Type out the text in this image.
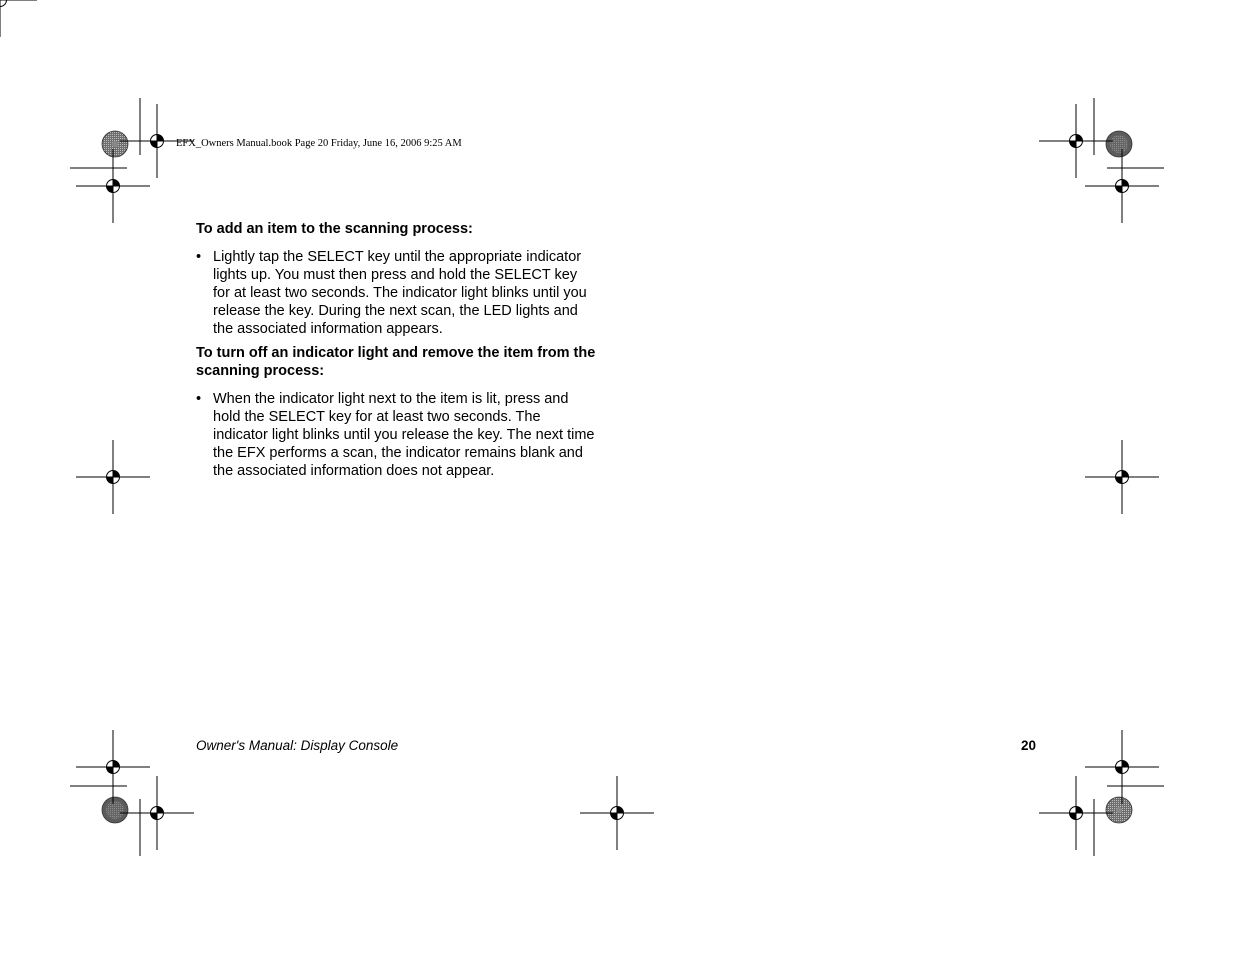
EFX_Owners Manual.book Page 20 Friday, June 16, 2006 9:25 AM

To add an item to the scanning process:

• Lightly tap the SELECT key until the appropriate indicator lights up. You must then press and hold the SELECT key for at least two seconds. The indicator light blinks until you release the key. During the next scan, the LED lights and the associated information appears.

To turn off an indicator light and remove the item from the scanning process:

• When the indicator light next to the item is lit, press and hold the SELECT key for at least two seconds. The indicator light blinks until you release the key. The next time the EFX performs a scan, the indicator remains blank and the associated information does not appear.
Owner's Manual: Display Console	20
